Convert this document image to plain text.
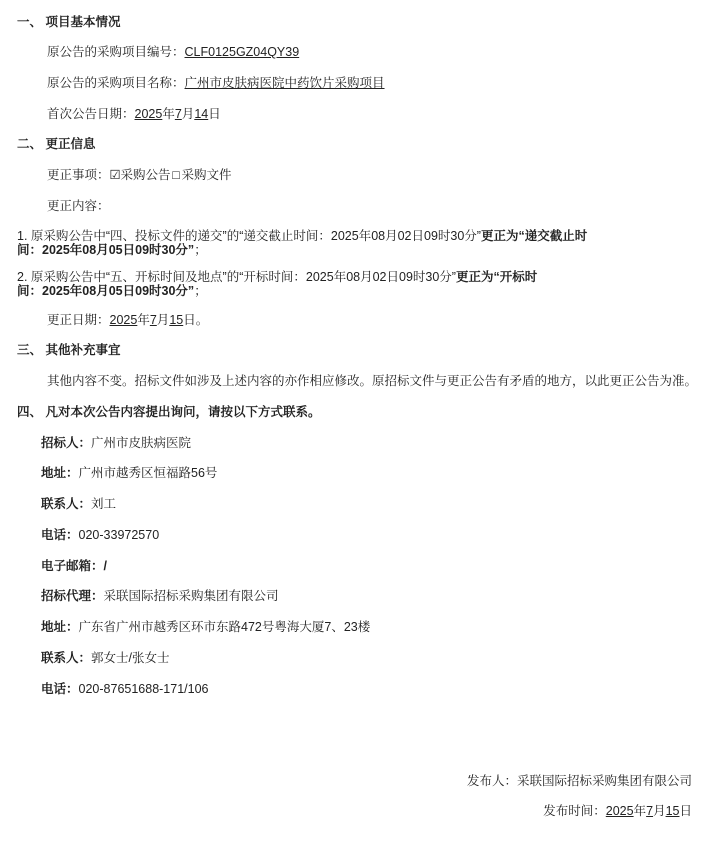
一、 项目基本情况
原公告的采购项目编号：CLF0125GZ04QY39
原公告的采购项目名称：广州市皮肤病医院中药饮片采购项目
首次公告日期：2025年7月14日
二、 更正信息
更正事项：☑采购公告 □ 采购文件
更正内容：
1. 原采购公告中“四、投标文件的递交”的“递交截止时间：2025年08月02日09时30分”更正为“递交截止时
间：2025年08月05日09时30分”；
2. 原采购公告中“五、开标时间及地点”的“开标时间：2025年08月02日09时30分”更正为“开标时
间：2025年08月05日09时30分”；
更正日期：2025年7月15日。
三、 其他补充事宜
其他内容不变。招标文件如涉及上述内容的亦作相应修改。原招标文件与更正公告有矛盾的地方，以此更正公告为准。
四、 凡对本次公告内容提出询问，请按以下方式联系。
招标人：广州市皮肤病医院
地址：广州市越秀区恒福路56号
联系人：刘工
电话：020-33972570
电子邮箱：/
招标代理：采联国际招标采购集团有限公司
地址：广东省广州市越秀区环市东路472号粤海大厦7、23楼
联系人：郭女士/张女士
电话：020-87651688-171/106
发布人：采联国际招标采购集团有限公司
发布时间：2025年7月15日
